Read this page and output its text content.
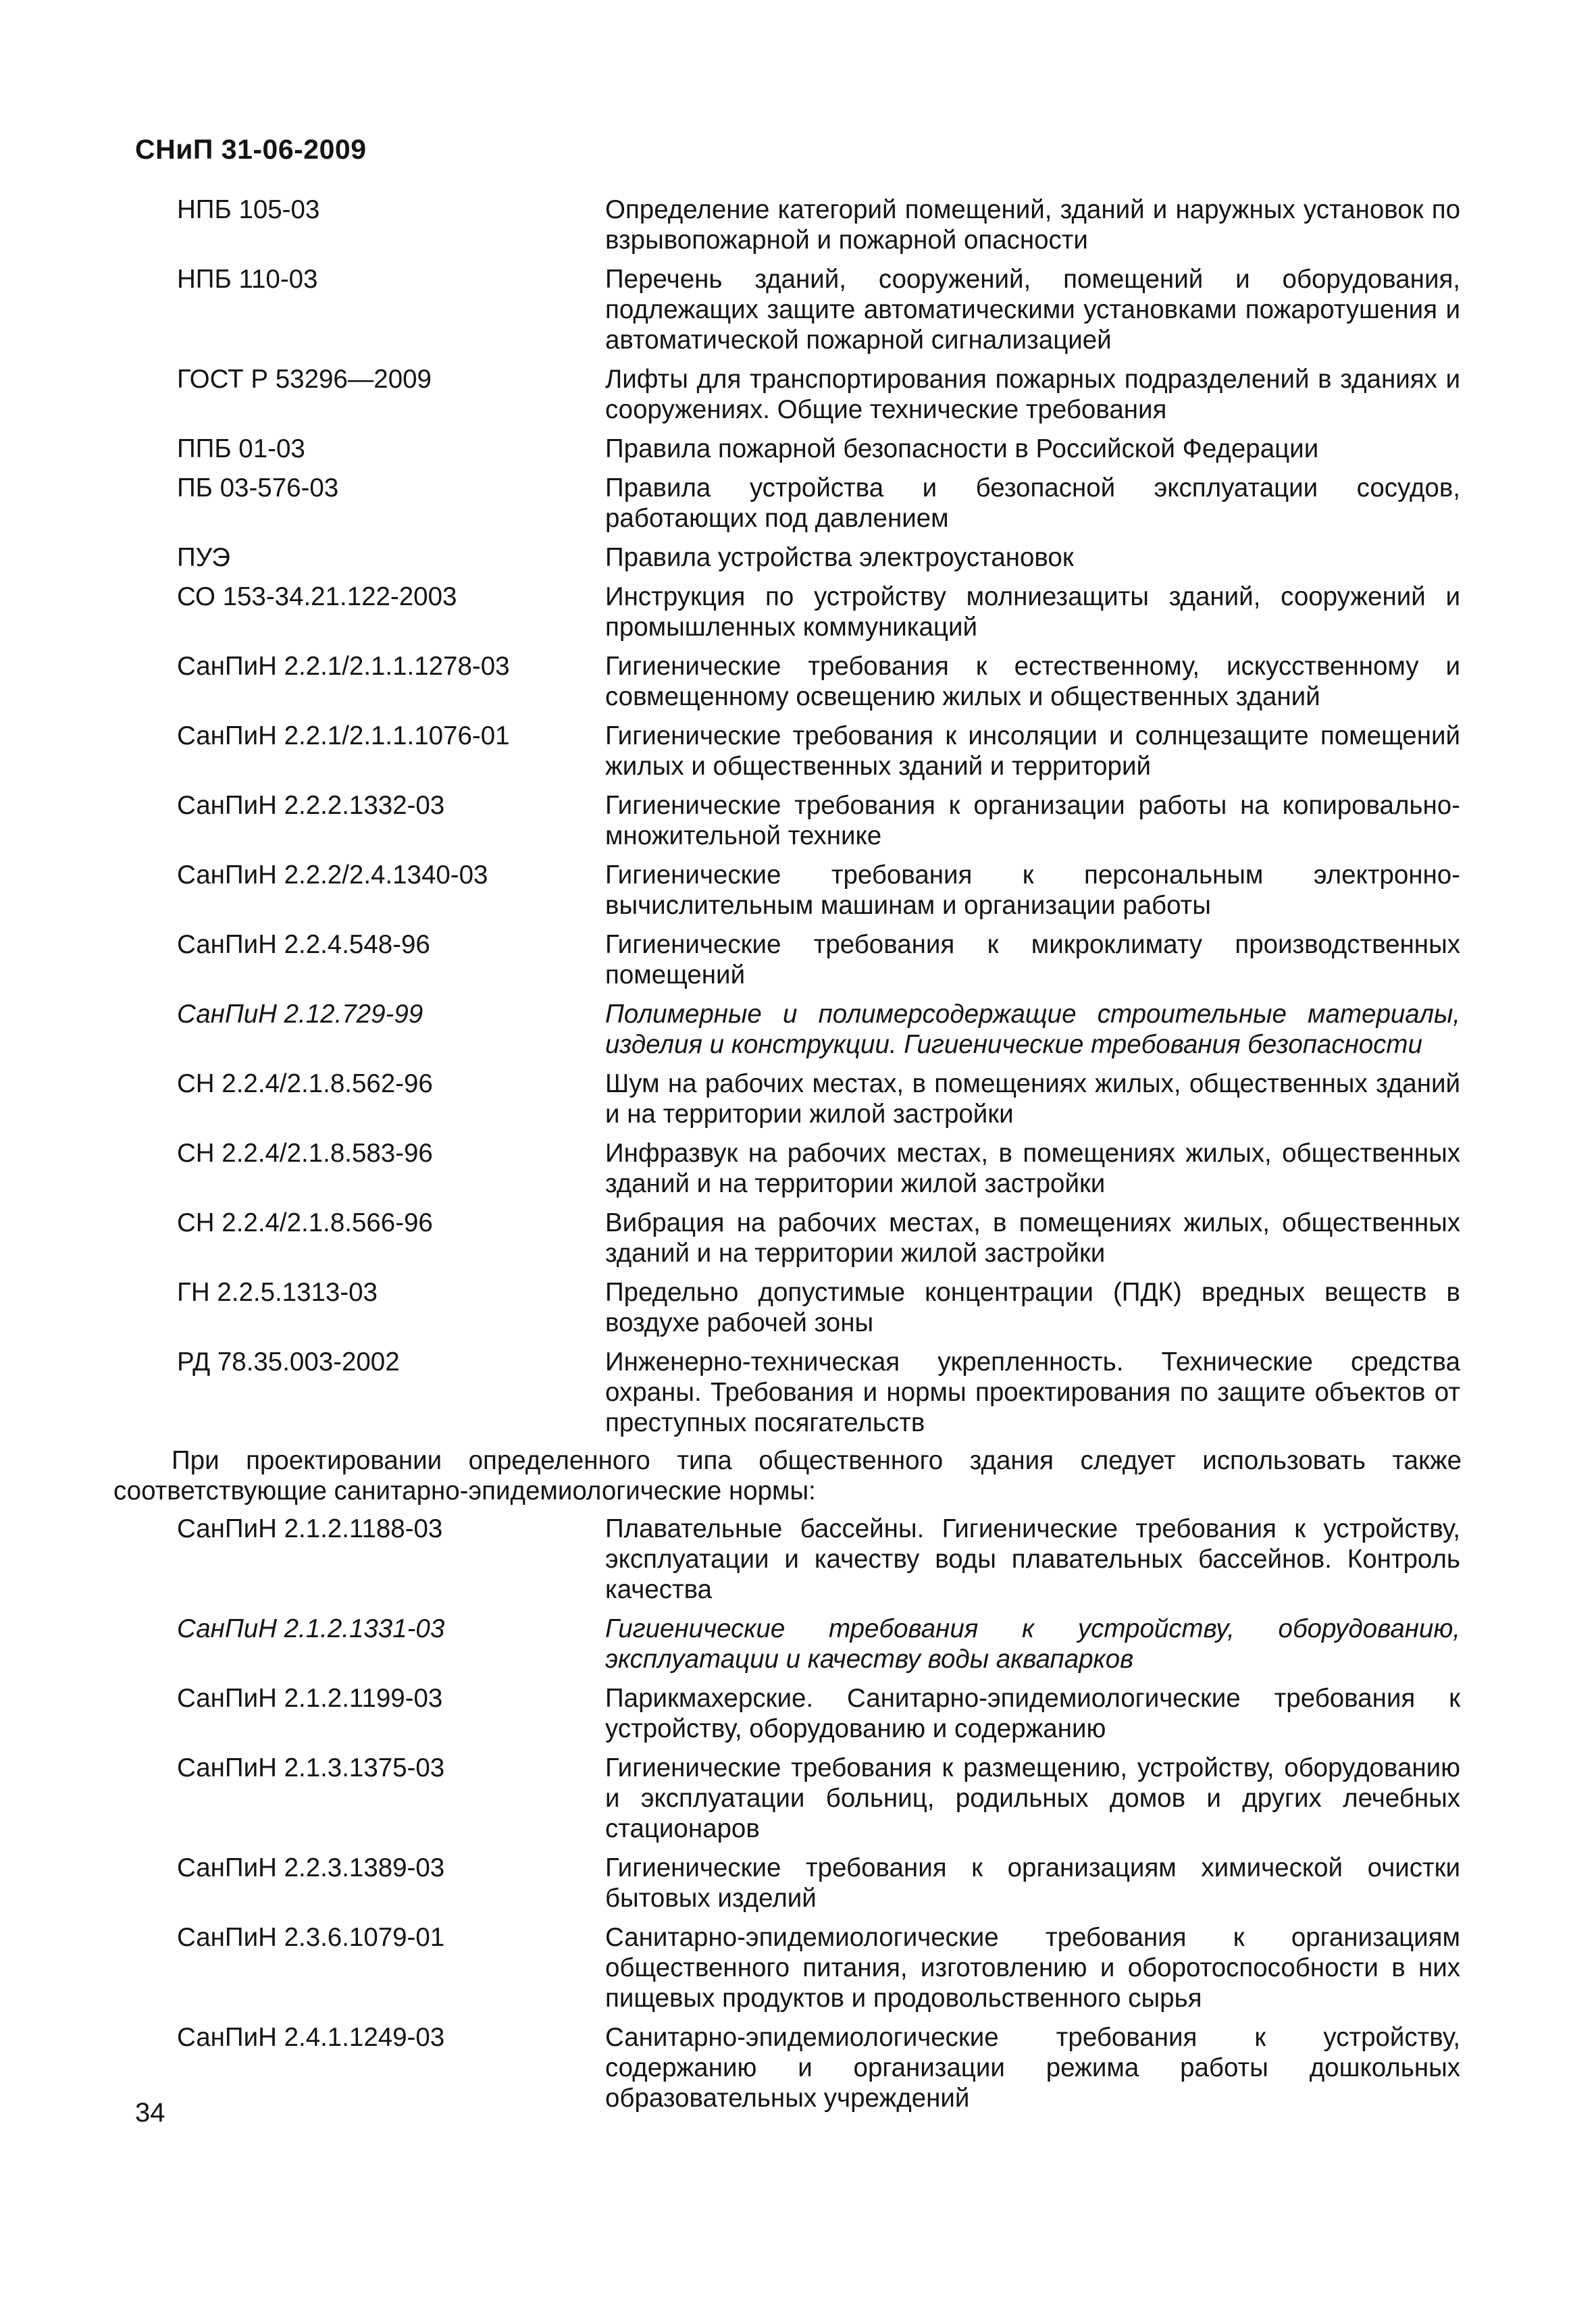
СНиП 31-06-2009
НПБ 105-03	Определение категорий помещений, зданий и наружных установок по взрывопожарной и пожарной опасности
НПБ 110-03	Перечень зданий, сооружений, помещений и оборудования, подлежащих защите автоматическими установками пожаротушения и автоматической пожарной сигнализацией
ГОСТ Р 53296—2009	Лифты для транспортирования пожарных подразделений в зданиях и сооружениях. Общие технические требования
ППБ 01-03	Правила пожарной безопасности в Российской Федерации
ПБ 03-576-03	Правила устройства и безопасной эксплуатации сосудов, работающих под давлением
ПУЭ	Правила устройства электроустановок
СО 153-34.21.122-2003	Инструкция по устройству молниезащиты зданий, сооружений и промышленных коммуникаций
СанПиН 2.2.1/2.1.1.1278-03	Гигиенические требования к естественному, искусственному и совмещенному освещению жилых и общественных зданий
СанПиН 2.2.1/2.1.1.1076-01	Гигиенические требования к инсоляции и солнцезащите помещений жилых и общественных зданий и территорий
СанПиН 2.2.2.1332-03	Гигиенические требования к организации работы на копировально-множительной технике
СанПиН 2.2.2/2.4.1340-03	Гигиенические требования к персональным электронно-вычислительным машинам и организации работы
СанПиН 2.2.4.548-96	Гигиенические требования к микроклимату производственных помещений
СанПиН 2.12.729-99	Полимерные и полимерсодержащие строительные материалы, изделия и конструкции. Гигиенические требования безопасности
СН 2.2.4/2.1.8.562-96	Шум на рабочих местах, в помещениях жилых, общественных зданий и на территории жилой застройки
СН 2.2.4/2.1.8.583-96	Инфразвук на рабочих местах, в помещениях жилых, общественных зданий и на территории жилой застройки
СН 2.2.4/2.1.8.566-96	Вибрация на рабочих местах, в помещениях жилых, общественных зданий и на территории жилой застройки
ГН 2.2.5.1313-03	Предельно допустимые концентрации (ПДК) вредных веществ в воздухе рабочей зоны
РД 78.35.003-2002	Инженерно-техническая укрепленность. Технические средства охраны. Требования и нормы проектирования по защите объектов от преступных посягательств
При проектировании определенного типа общественного здания следует использовать также соответствующие санитарно-эпидемиологические нормы:
СанПиН 2.1.2.1188-03	Плавательные бассейны. Гигиенические требования к устройству, эксплуатации и качеству воды плавательных бассейнов. Контроль качества
СанПиН 2.1.2.1331-03	Гигиенические требования к устройству, оборудованию, эксплуатации и качеству воды аквапарков
СанПиН 2.1.2.1199-03	Парикмахерские. Санитарно-эпидемиологические требования к устройству, оборудованию и содержанию
СанПиН 2.1.3.1375-03	Гигиенические требования к размещению, устройству, оборудованию и эксплуатации больниц, родильных домов и других лечебных стационаров
СанПиН 2.2.3.1389-03	Гигиенические требования к организациям химической очистки бытовых изделий
СанПиН 2.3.6.1079-01	Санитарно-эпидемиологические требования к организациям общественного питания, изготовлению и оборотоспособности в них пищевых продуктов и продовольственного сырья
СанПиН 2.4.1.1249-03	Санитарно-эпидемиологические требования к устройству, содержанию и организации режима работы дошкольных образовательных учреждений
34
